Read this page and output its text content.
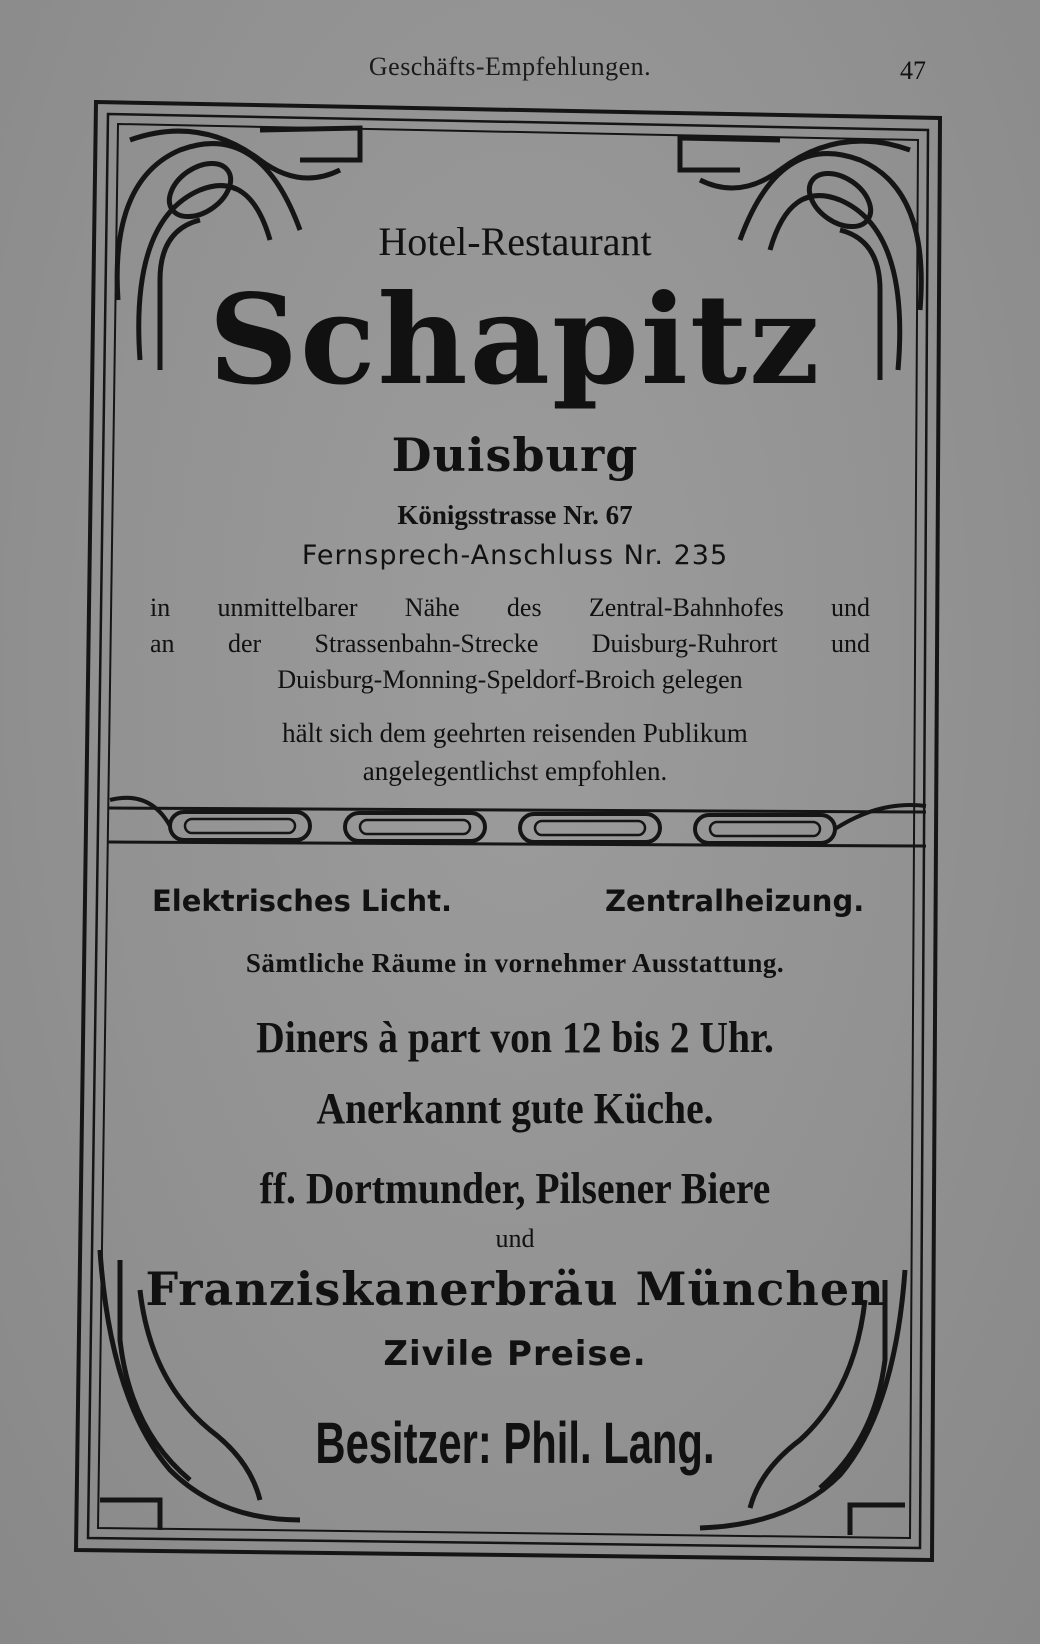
Geschäfts-Empfehlungen.	47
Hotel-Restaurant
Schapitz
Duisburg
Königsstrasse Nr. 67
Fernsprech-Anschluss Nr. 235
in unmittelbarer Nähe des Zentral-Bahnhofes und
an der Strassenbahn-Strecke Duisburg-Ruhrort und
Duisburg-Monning-Speldorf-Broich gelegen
hält sich dem geehrten reisenden Publikum
angelegentlichst empfohlen.
Elektrisches Licht.	Zentralheizung.
Sämtliche Räume in vornehmer Ausstattung.
Diners à part von 12 bis 2 Uhr.
Anerkannt gute Küche.
ff. Dortmunder, Pilsener Biere
und
Franziskanerbräu München
Zivile Preise.
Besitzer: Phil. Lang.
